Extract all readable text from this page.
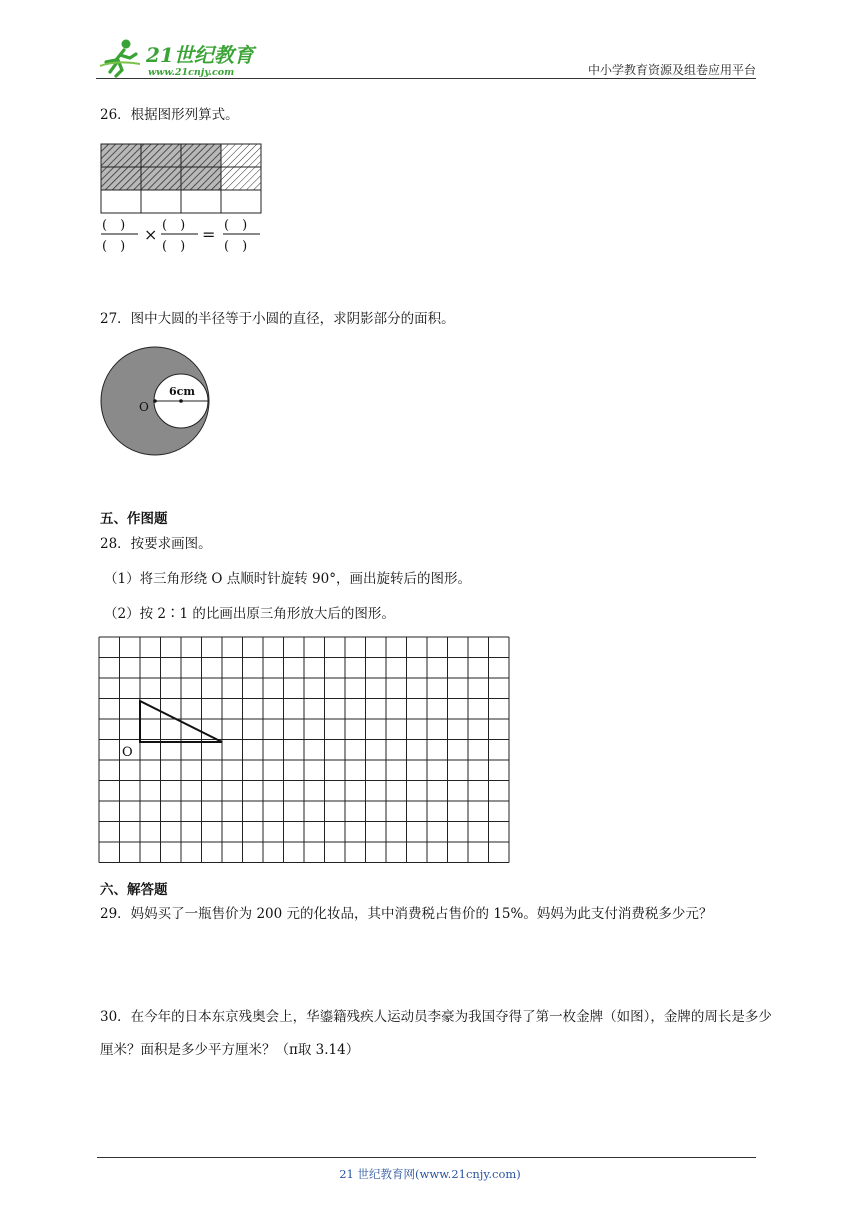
21世纪教育
www.21cnjy.com	中小学教育资源及组卷应用平台
26．根据图形列算式。
(　)
(　)
× (　)
(　)
= (　)
(　)
27．图中大圆的半径等于小圆的直径，求阴影部分的面积。
6cm
O
五、作图题
28．按要求画图。
（1）将三角形绕 O 点顺时针旋转 90°，画出旋转后的图形。
（2）按 2∶1 的比画出原三角形放大后的图形。
O
六、解答题
29．妈妈买了一瓶售价为 200 元的化妆品，其中消费税占售价的 15%。妈妈为此支付消费税多少元？
30．在今年的日本东京残奥会上，华鎏籍残疾人运动员李豪为我国夺得了第一枚金牌（如图），金牌的周长是多少厘米？面积是多少平方厘米？（π取 3.14）
21 世纪教育网(www.21cnjy.com)
